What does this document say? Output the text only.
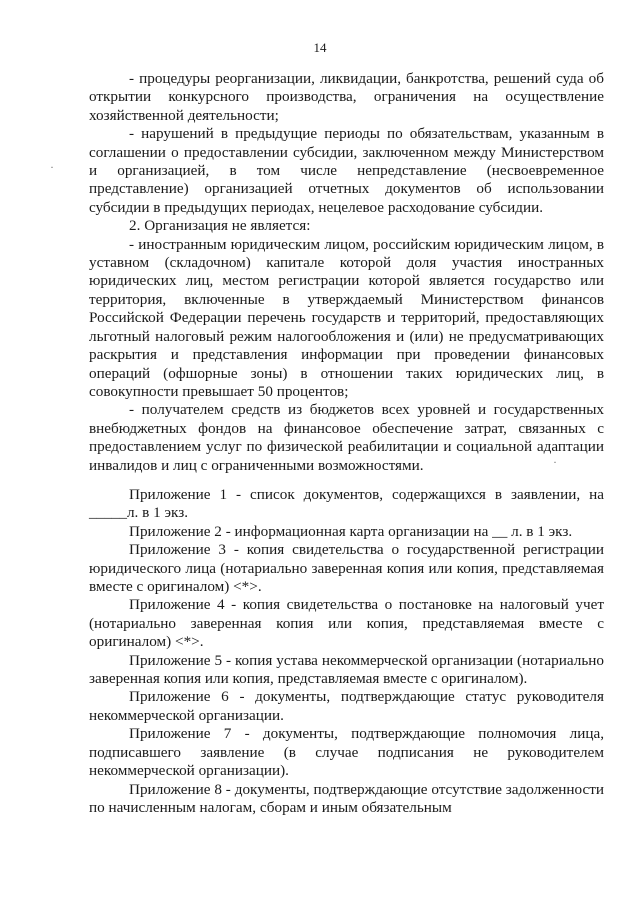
14

- процедуры реорганизации, ликвидации, банкротства, решений суда об открытии конкурсного производства, ограничения на осуществление хозяйственной деятельности;

- нарушений в предыдущие периоды по обязательствам, указанным в соглашении о предоставлении субсидии, заключенном между Министерством и организацией, в том числе непредставление (несвоевременное представление) организацией отчетных документов об использовании субсидии в предыдущих периодах, нецелевое расходование субсидии.

2. Организация не является:

- иностранным юридическим лицом, российским юридическим лицом, в уставном (складочном) капитале которой доля участия иностранных юридических лиц, местом регистрации которой является государство или территория, включенные в утверждаемый Министерством финансов Российской Федерации перечень государств и территорий, предоставляющих льготный налоговый режим налогообложения и (или) не предусматривающих раскрытия и представления информации при проведении финансовых операций (офшорные зоны) в отношении таких юридических лиц, в совокупности превышает 50 процентов;

- получателем средств из бюджетов всех уровней и государственных внебюджетных фондов на финансовое обеспечение затрат, связанных с предоставлением услуг по физической реабилитации и социальной адаптации инвалидов и лиц с ограниченными возможностями.

Приложение 1 - список документов, содержащихся в заявлении, на _____л. в 1 экз.

Приложение 2 - информационная карта организации на __ л. в 1 экз.

Приложение 3 - копия свидетельства о государственной регистрации юридического лица (нотариально заверенная копия или копия, представляемая вместе с оригиналом) <*>.

Приложение 4 - копия свидетельства о постановке на налоговый учет (нотариально заверенная копия или копия, представляемая вместе с оригиналом) <*>.

Приложение 5 - копия устава некоммерческой организации (нотариально заверенная копия или копия, представляемая вместе с оригиналом).

Приложение 6 - документы, подтверждающие статус руководителя некоммерческой организации.

Приложение 7 - документы, подтверждающие полномочия лица, подписавшего заявление (в случае подписания не руководителем некоммерческой организации).

Приложение 8 - документы, подтверждающие отсутствие задолженности по начисленным налогам, сборам и иным обязательным

·
·
